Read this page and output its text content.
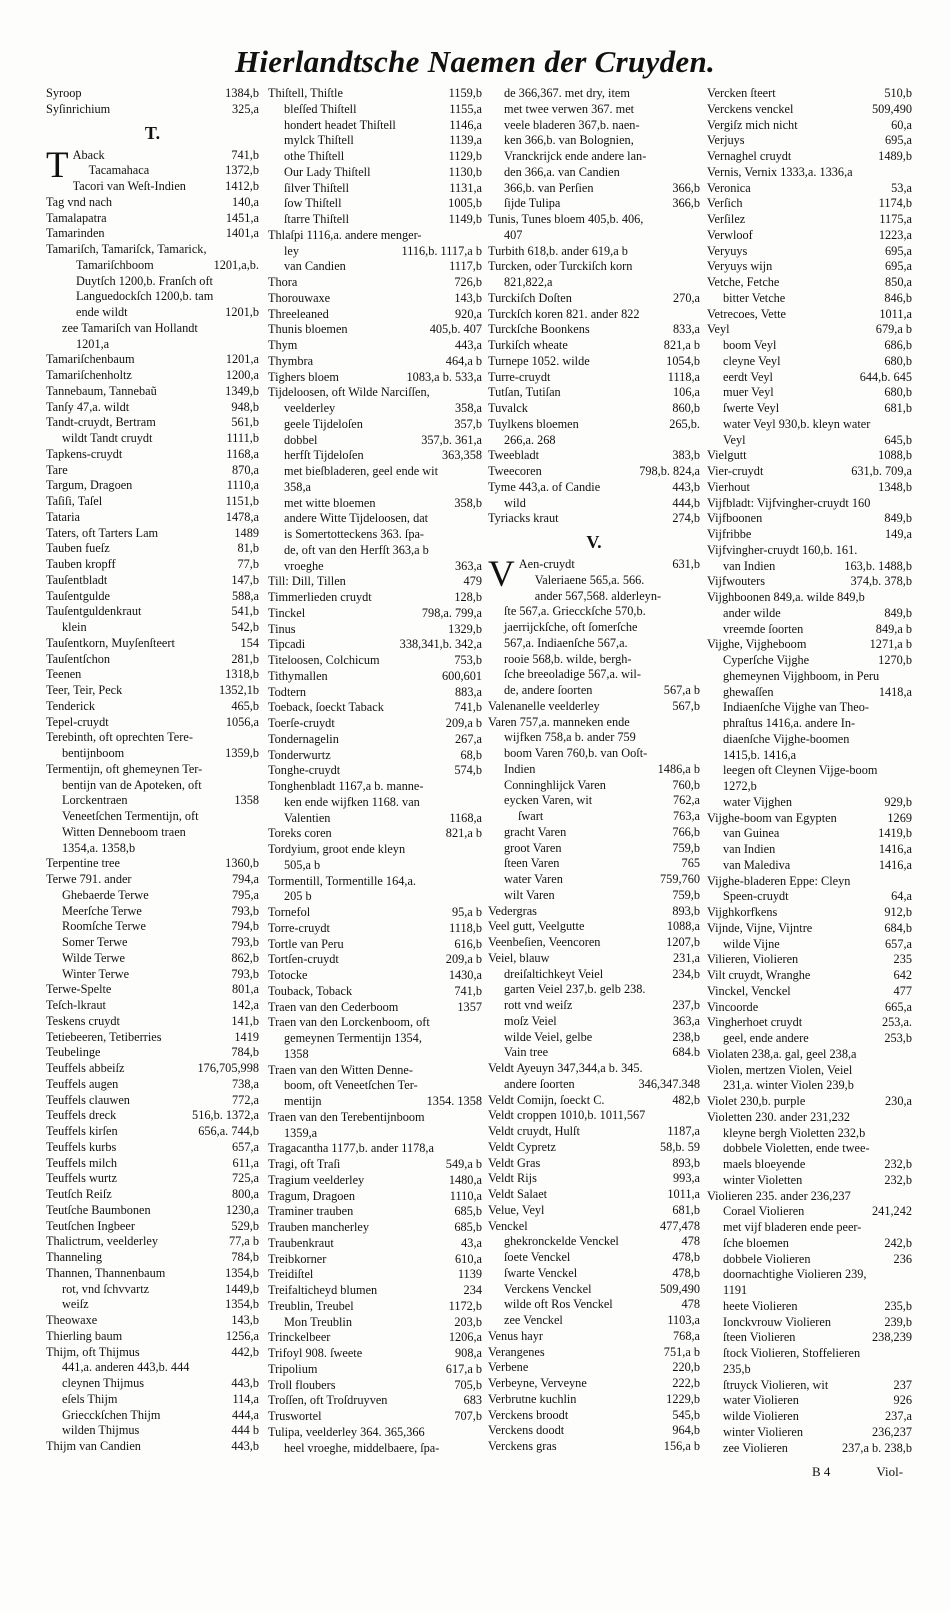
Hierlandtsche Naemen der Cruyden.
Syroop	1384,b
Syſinrichium	325,a
T.
T Aback	741,b
Tacamahaca	1372,b
Tacori van Weſt-Indien	1412,b
Tag vnd nach	140,a
Tamalapatra	1451,a
Tamarinden	1401,a
Tamariſch, Tamariſck, Tamarick,
Tamariſchboom	1201,a,b.
Duytſch 1200,b. Franſch oft
Languedockſch 1200,b. tam
ende wildt	1201,b
zee Tamariſch van Hollandt
1201,a
Tamariſchenbaum	1201,a
Tamariſchenholtz	1200,a
Tannebaum, Tannebaũ	1349,b
Tanſy 47,a. wildt	948,b
Tandt-cruydt, Bertram	561,b
wildt Tandt cruydt	1111,b
Tapkens-cruydt	1168,a
Tare	870,a
Targum, Dragoen	1110,a
Taſiſi, Taſel	1151,b
Tataria	1478,a
Taters, oft Tarters Lam	1489
Tauben fueſz	81,b
Tauben kropff	77,b
Tauſentbladt	147,b
Tauſentgulde	588,a
Tauſentguldenkraut	541,b
klein	542,b
Tauſentkorn, Muyſenſteert	154
Tauſentſchon	281,b
Teenen	1318,b
Teer, Teir, Peck	1352,1b
Tenderick	465,b
Tepel-cruydt	1056,a
Terebinth, oft oprechten Tere-
bentijnboom	1359,b
Termentijn, oft ghemeynen Ter-
bentijn van de Apoteken, oft
Lorckentraen	1358
Veneetſchen Termentijn, oft
Witten Denneboom traen
1354,a. 1358,b
Terpentine tree	1360,b
Terwe 791. ander	794,a
Ghebaerde Terwe	795,a
Meerſche Terwe	793,b
Roomſche Terwe	794,b
Somer Terwe	793,b
Wilde Terwe	862,b
Winter Terwe	793,b
Terwe-Spelte	801,a
Teſch-lkraut	142,a
Teskens cruydt	141,b
Tetiebeeren, Tetiberries	1419
Teubelinge	784,b
Teuffels abbeiſz	176,705,998
Teuffels augen	738,a
Teuffels clauwen	772,a
Teuffels dreck	516,b. 1372,a
Teuffels kirſen	656,a. 744,b
Teuffels kurbs	657,a
Teuffels milch	611,a
Teuffels wurtz	725,a
Teutſch Reiſz	800,a
Teutſche Baumbonen	1230,a
Teutſchen Ingbeer	529,b
Thalictrum, veelderley	77,a b
Thanneling	784,b
Thannen, Thannenbaum	1354,b
rot, vnd ſchvvartz	1449,b
weiſz	1354,b
Theowaxe	143,b
Thierling baum	1256,a
Thijm, oft Thijmus	442,b
441,a. anderen 443,b. 444
cleynen Thijmus	443,b
eſels Thijm	114,a
Griecckſchen Thijm	444,a
wilden Thijmus	444 b
Thijm van Candien	443,b
Thiſtell, Thiſtle	1159,b
bleſſed Thiſtell	1155,a
hondert headet Thiſtell	1146,a
mylck Thiſtell	1139,a
othe Thiſtell	1129,b
Our Lady Thiſtell	1130,b
ſilver Thiſtell	1131,a
ſow Thiſtell	1005,b
ſtarre Thiſtell	1149,b
Thlaſpi 1116,a. andere menger-
ley	1116,b. 1117,a b
van Candien	1117,b
Thora	726,b
Thorouwaxe	143,b
Threeleaned	920,a
Thunis bloemen	405,b. 407
Thym	443,a
Thymbra	464,a b
Tighers bloem	1083,a b. 533,a
Tijdeloosen, oft Wilde Narciſſen,
veelderley	358,a
geele Tijdeloſen	357,b
dobbel	357,b. 361,a
herfſt Tijdeloſen	363,358
met bieſbladeren, geel ende wit
358,a
met witte bloemen	358,b
andere Witte Tijdeloosen, dat
is Somertotteckens 363. ſpa-
de, oft van den Herfſt 363,a b
vroeghe	363,a
Till: Dill, Tillen	479
Timmerlieden cruydt	128,b
Tinckel	798,a. 799,a
Tinus	1329,b
Tipcadi	338,341,b. 342,a
Titeloosen, Colchicum	753,b
Tithymallen	600,601
Todtern	883,a
Toeback, ſoeckt Taback	741,b
Toerſe-cruydt	209,a b
Tondernagelin	267,a
Tonderwurtz	68,b
Tonghe-cruydt	574,b
Tonghenbladt 1167,a b. manne-
ken ende wijfken 1168. van
Valentien	1168,a
Toreks coren	821,a b
Tordyium, groot ende kleyn
505,a b
Tormentill, Tormentille 164,a.
205 b
Tornefol	95,a b
Torre-cruydt	1118,b
Tortle van Peru	616,b
Tortſen-cruydt	209,a b
Totocke	1430,a
Touback, Toback	741,b
Traen van den Cederboom	1357
Traen van den Lorckenboom, oft
gemeynen Termentijn 1354,
1358
Traen van den Witten Denne-
boom, oft Veneetſchen Ter-
mentijn	1354. 1358
Traen van den Terebentijnboom
1359,a
Tragacantha 1177,b. ander 1178,a
Tragi, oft Traſi	549,a b
Tragium veelderley	1480,a
Tragum, Dragoen	1110,a
Traminer trauben	685,b
Trauben mancherley	685,b
Traubenkraut	43,a
Treibkorner	610,a
Treidiſtel	1139
Treifalticheyd blumen	234
Treublin, Treubel	1172,b
Mon Treublin	203,b
Trinckelbeer	1206,a
Trifoyl 908. ſweete	908,a
Tripolium	617,a b
Troll floubers	705,b
Troſſen, oft Troſdruyven	683
Truswortel	707,b
Tulipa, veelderley 364. 365,366
heel vroeghe, middelbaere, ſpa-
de 366,367. met dry, item
met twee verwen 367. met
veele bladeren 367,b. naen-
ken 366,b. van Bolognien,
Vranckrijck ende andere lan-
den 366,a. van Candien
366,b. van Perſien	366,b
ſijde Tulipa	366,b
Tunis, Tunes bloem 405,b. 406,
407
Turbith 618,b. ander 619,a b
Turcken, oder Turckiſch korn
821,822,a
Turckiſch Doſten	270,a
Turckſch koren 821. ander 822
Turckſche Boonkens	833,a
Turkiſch wheate	821,a b
Turnepe 1052. wilde	1054,b
Turre-cruydt	1118,a
Tutſan, Tutiſan	106,a
Tuvalck	860,b
Tuylkens bloemen	265,b.
266,a. 268
Tweebladt	383,b
Tweecoren	798,b. 824,a
Tyme 443,a. of Candie	443,b
wild	444,b
Tyriacks kraut	274,b
V.
V Aen-cruydt	631,b
Valeriaene 565,a. 566.
ander 567,568. alderleyn-
ſte 567,a. Griecckſche 570,b.
jaerrijckſche, oft ſomerſche
567,a. Indiaenſche 567,a.
rooie 568,b. wilde, bergh-
ſche breeoladige 567,a. wil-
de, andere ſoorten	567,a b
Valenanelle veelderley	567,b
Varen 757,a. manneken ende
wijfken 758,a b. ander 759
boom Varen 760,b. van Ooſt-
Indien	1486,a b
Conninghlijck Varen	760,b
eycken Varen, wit	762,a
ſwart	763,a
gracht Varen	766,b
groot Varen	759,b
ſteen Varen	765
water Varen	759,760
wilt Varen	759,b
Vedergras	893,b
Veel gutt, Veelgutte	1088,a
Veenbeſien, Veencoren	1207,b
Veiel, blauw	231,a
dreiſaltichkeyt Veiel	234,b
garten Veiel 237,b. gelb 238.
rott vnd weiſz	237,b
moſz Veiel	363,a
wilde Veiel, gelbe	238,b
Vain tree	684.b
Veldt Ayeuyn 347,344,a b. 345.
andere ſoorten	346,347.348
Veldt Comijn, ſoeckt C.	482,b
Veldt croppen 1010,b. 1011,567
Veldt cruydt, Hulſt	1187,a
Veldt Cypretz	58,b. 59
Veldt Gras	893,b
Veldt Rijs	993,a
Veldt Salaet	1011,a
Velue, Veyl	681,b
Venckel	477,478
ghekronckelde Venckel	478
ſoete Venckel	478,b
ſwarte Venckel	478,b
Verckens Venckel	509,490
wilde oft Ros Venckel	478
zee Venckel	1103,a
Venus hayr	768,a
Verangenes	751,a b
Verbene	220,b
Verbeyne, Verveyne	222,b
Verbrutne kuchlin	1229,b
Verckens broodt	545,b
Verckens doodt	964,b
Verckens gras	156,a b
Vercken ſteert	510,b
Verckens venckel	509,490
Vergiſz mich nicht	60,a
Verjuys	695,a
Vernaghel cruydt	1489,b
Vernis, Vernix 1333,a. 1336,a
Veronica	53,a
Verſich	1174,b
Verſilez	1175,a
Verwloof	1223,a
Veryuys	695,a
Veryuys wijn	695,a
Vetche, Fetche	850,a
bitter Vetche	846,b
Vetrecoes, Vette	1011,a
Veyl	679,a b
boom Veyl	686,b
cleyne Veyl	680,b
eerdt Veyl	644,b. 645
muer Veyl	680,b
ſwerte Veyl	681,b
water Veyl 930,b. kleyn water
Veyl	645,b
Vielgutt	1088,b
Vier-cruydt	631,b. 709,a
Vierhout	1348,b
Vijfbladt: Vijfvingher-cruydt 160
Vijfboonen	849,b
Vijfribbe	149,a
Vijfvingher-cruydt 160,b. 161.
van Indien	163,b. 1488,b
Vijfwouters	374,b. 378,b
Vijghboonen 849,a. wilde 849,b
ander wilde	849,b
vreemde ſoorten	849,a b
Vijghe, Vijgheboom	1271,a b
Cyperſche Vijghe	1270,b
ghemeynen Vijghboom, in Peru
ghewaſſen	1418,a
Indiaenſche Vijghe van Theo-
phraſtus 1416,a. andere In-
diaenſche Vijghe-boomen
1415,b. 1416,a
leegen oft Cleynen Vijge-boom
1272,b
water Vijghen	929,b
Vijghe-boom van Egypten	1269
van Guinea	1419,b
van Indien	1416,a
van Malediva	1416,a
Vijghe-bladeren Eppe: Cleyn
Speen-cruydt	64,a
Vijghkorfkens	912,b
Vijnde, Vijne, Vijntre	684,b
wilde Vijne	657,a
Vilieren, Violieren	235
Vilt cruydt, Wranghe	642
Vinckel, Venckel	477
Vincoorde	665,a
Vingherhoet cruydt	253,a.
geel, ende andere	253,b
Violaten 238,a. gal, geel 238,a
Violen, mertzen Violen, Veiel
231,a. winter Violen 239,b
Violet 230,b. purple	230,a
Violetten 230. ander 231,232
kleyne bergh Violetten 232,b
dobbele Violetten, ende twee-
maels bloeyende	232,b
winter Violetten	232,b
Violieren 235. ander 236,237
Corael Violieren	241,242
met vijf bladeren ende peer-
ſche bloemen	242,b
dobbele Violieren	236
doornachtighe Violieren 239,
1191
heete Violieren	235,b
Ionckvrouw Violieren	239,b
ſteen Violieren	238,239
ſtock Violieren, Stoffelieren
235,b
ſtruyck Violieren, wit	237
water Violieren	926
wilde Violieren	237,a
winter Violieren	236,237
zee Violieren	237,a b. 238,b
B 4	Viol-
